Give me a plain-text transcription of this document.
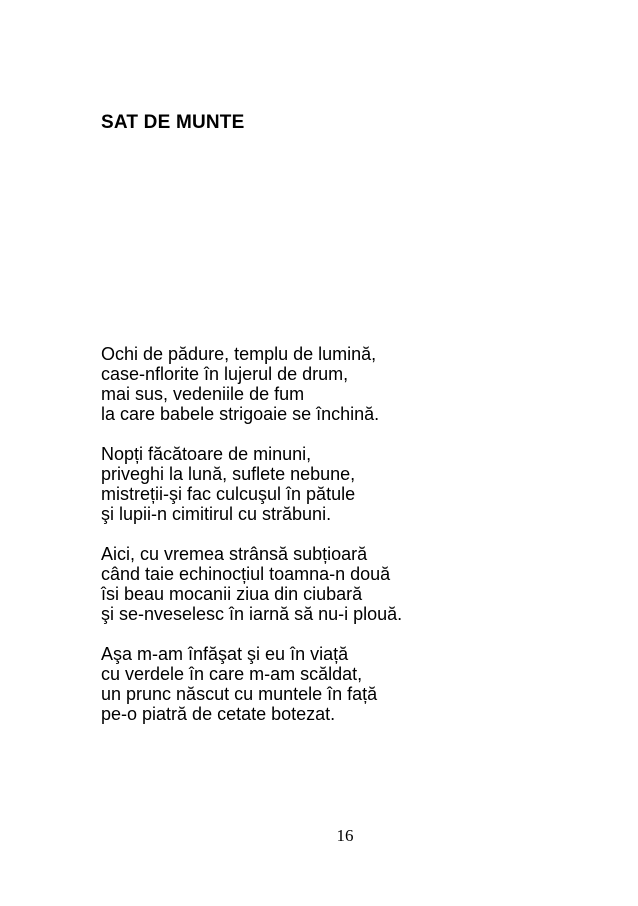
SAT DE MUNTE

Ochi de pădure, templu de lumină,
case-nflorite în lujerul de drum,
mai sus, vedeniile de fum
la care babele strigoaie se închină.

Nopți făcătoare de minuni,
priveghi la lună, suflete nebune,
mistreții-şi fac culcuşul în pătule
şi lupii-n cimitirul cu străbuni.

Aici, cu vremea strânsă subțioară
când taie echinocțiul toamna-n două
îsi beau mocanii ziua din ciubară
şi se-nveselesc în iarnă să nu-i plouă.

Aşa m-am înfăşat şi eu în viață
cu verdele în care m-am scăldat,
un prunc născut cu muntele în față
pe-o piatră de cetate botezat.

16
